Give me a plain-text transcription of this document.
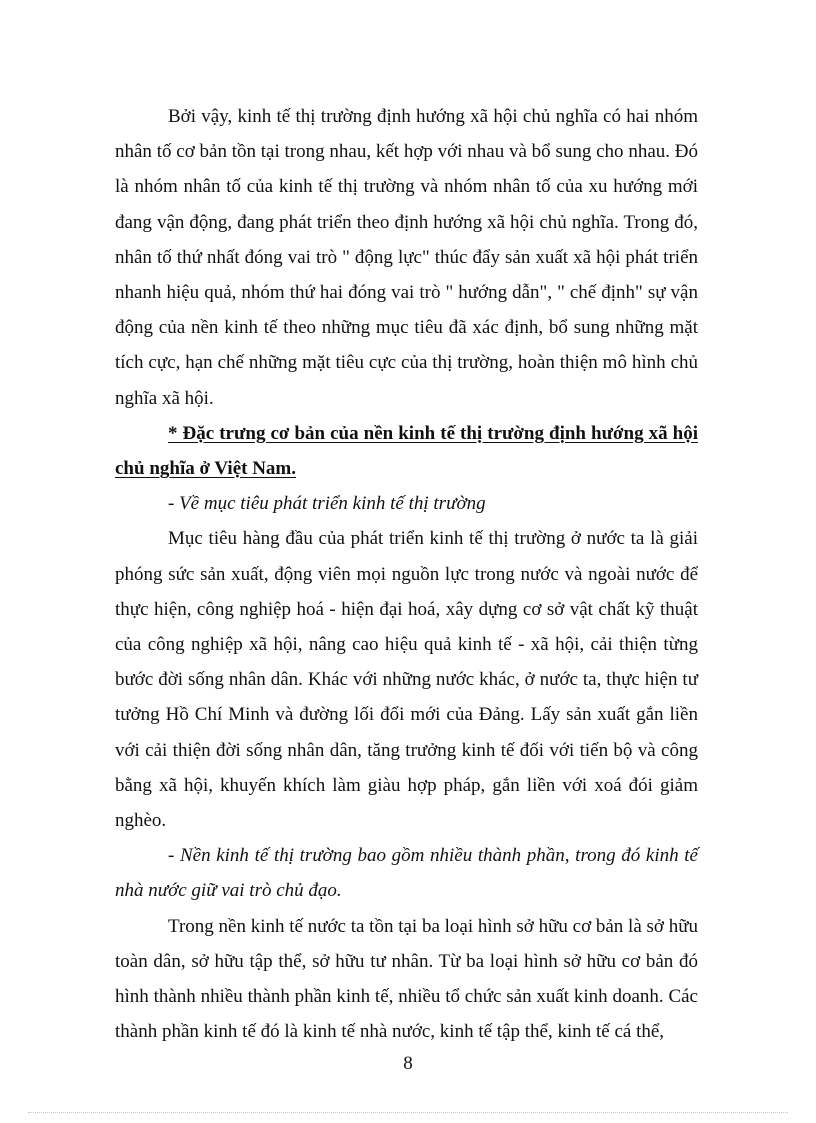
Bởi vậy, kinh tế thị trường định hướng xã hội chủ nghĩa có hai nhóm nhân tố cơ bản tồn tại trong nhau, kết hợp với nhau và bổ sung cho nhau. Đó là nhóm nhân tố của kinh tế thị trường và nhóm nhân tố của xu hướng mới đang vận động, đang phát triển theo định hướng xã hội chủ nghĩa. Trong đó, nhân tố thứ nhất đóng vai trò " động lực" thúc đẩy sản xuất xã hội phát triển nhanh hiệu quả, nhóm thứ hai đóng vai trò " hướng dẫn", " chế định" sự vận động của nền kinh tế theo những mục tiêu đã xác định, bổ sung những mặt tích cực, hạn chế những mặt tiêu cực của thị trường, hoàn thiện mô hình chủ nghĩa xã hội.

* Đặc trưng cơ bản của nền kinh tế thị trường định hướng xã hội chủ nghĩa ở Việt Nam.

- Về mục tiêu phát triển kinh tế thị trường

Mục tiêu hàng đầu của phát triển kinh tế thị trường ở nước ta là giải phóng sức sản xuất, động viên mọi nguồn lực trong nước và ngoài nước để thực hiện, công nghiệp hoá - hiện đại hoá, xây dựng cơ sở vật chất kỹ thuật của công nghiệp xã hội, nâng cao hiệu quả kinh tế - xã hội, cải thiện từng bước đời sống nhân dân. Khác với những nước khác, ở nước ta, thực hiện tư tưởng Hồ Chí Minh và đường lối đổi mới của Đảng. Lấy sản xuất gắn liền với cải thiện đời sống nhân dân, tăng trưởng kinh tế đối với tiến bộ và công bằng xã hội, khuyến khích làm giàu hợp pháp, gắn liền với xoá đói giảm nghèo.

- Nền kinh tế thị trường bao gồm nhiều thành phần, trong đó kinh tế nhà nước giữ vai trò chủ đạo.

Trong nền kinh tế nước ta tồn tại ba loại hình sở hữu cơ bản là sở hữu toàn dân, sở hữu tập thể, sở hữu tư nhân. Từ ba loại hình sở hữu cơ bản đó hình thành nhiều thành phần kinh tế, nhiều tổ chức sản xuất kinh doanh. Các thành phần kinh tế đó là kinh tế nhà nước, kinh tế tập thể, kinh tế cá thể,

8
